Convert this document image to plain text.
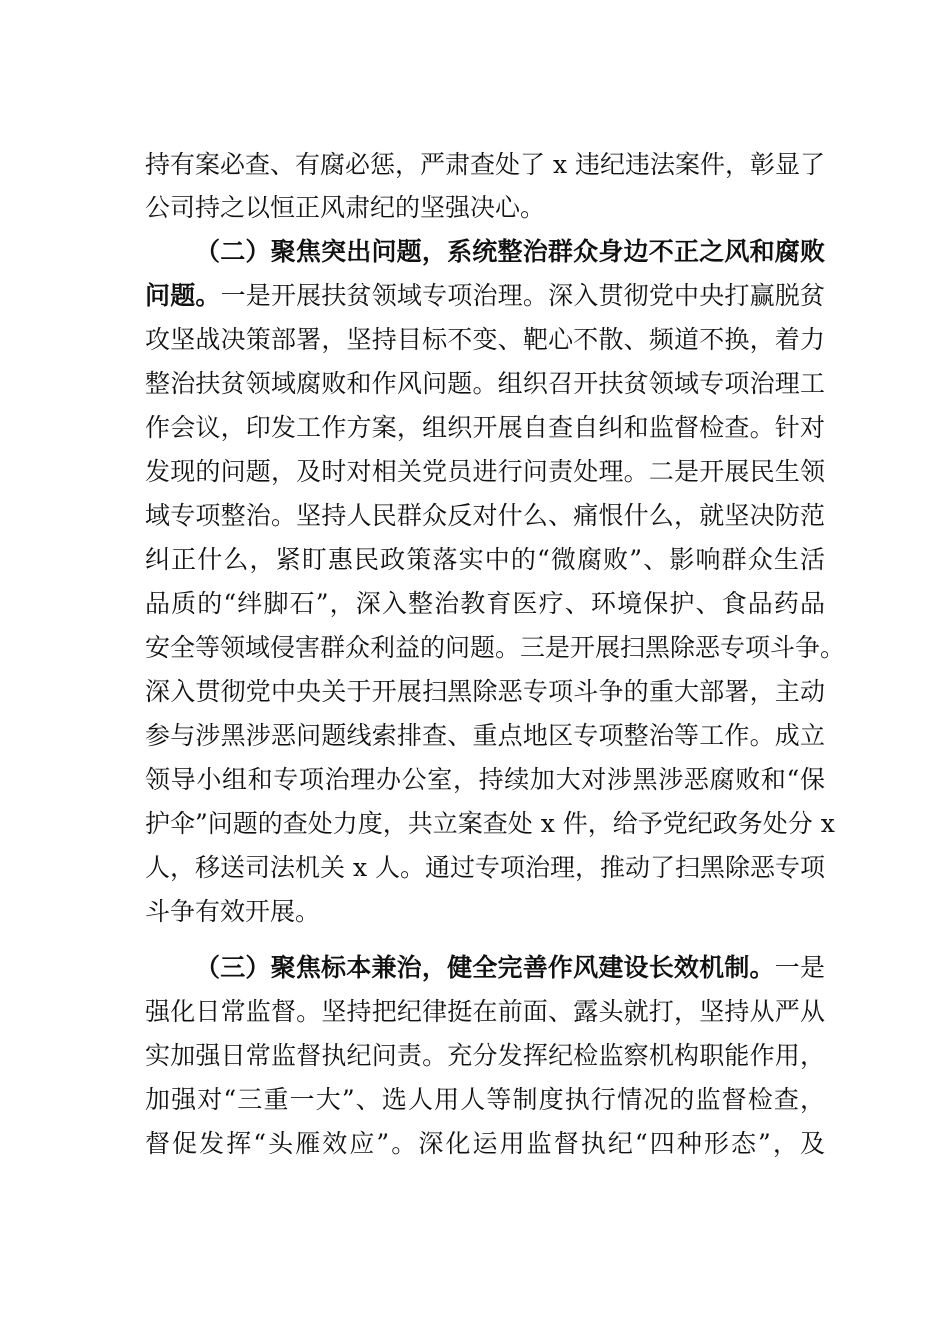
持有案必查、有腐必惩，严肃查处了 x 违纪违法案件，彰显了
公司持之以恒正风肃纪的坚强决心。
（二）聚焦突出问题，系统整治群众身边不正之风和腐败
问题。一是开展扶贫领域专项治理。深入贯彻党中央打赢脱贫
攻坚战决策部署，坚持目标不变、靶心不散、频道不换，着力
整治扶贫领域腐败和作风问题。组织召开扶贫领域专项治理工
作会议，印发工作方案，组织开展自查自纠和监督检查。针对
发现的问题，及时对相关党员进行问责处理。二是开展民生领
域专项整治。坚持人民群众反对什么、痛恨什么，就坚决防范
纠正什么，紧盯惠民政策落实中的“微腐败”、影响群众生活
品质的“绊脚石”，深入整治教育医疗、环境保护、食品药品
安全等领域侵害群众利益的问题。三是开展扫黑除恶专项斗争。
深入贯彻党中央关于开展扫黑除恶专项斗争的重大部署，主动
参与涉黑涉恶问题线索排查、重点地区专项整治等工作。成立
领导小组和专项治理办公室，持续加大对涉黑涉恶腐败和“保
护伞”问题的查处力度，共立案查处 x 件，给予党纪政务处分 x
人，移送司法机关 x 人。通过专项治理，推动了扫黑除恶专项
斗争有效开展。
（三）聚焦标本兼治，健全完善作风建设长效机制。一是
强化日常监督。坚持把纪律挺在前面、露头就打，坚持从严从
实加强日常监督执纪问责。充分发挥纪检监察机构职能作用，
加强对“三重一大”、选人用人等制度执行情况的监督检查，
督促发挥“头雁效应”。深化运用监督执纪“四种形态”，及
